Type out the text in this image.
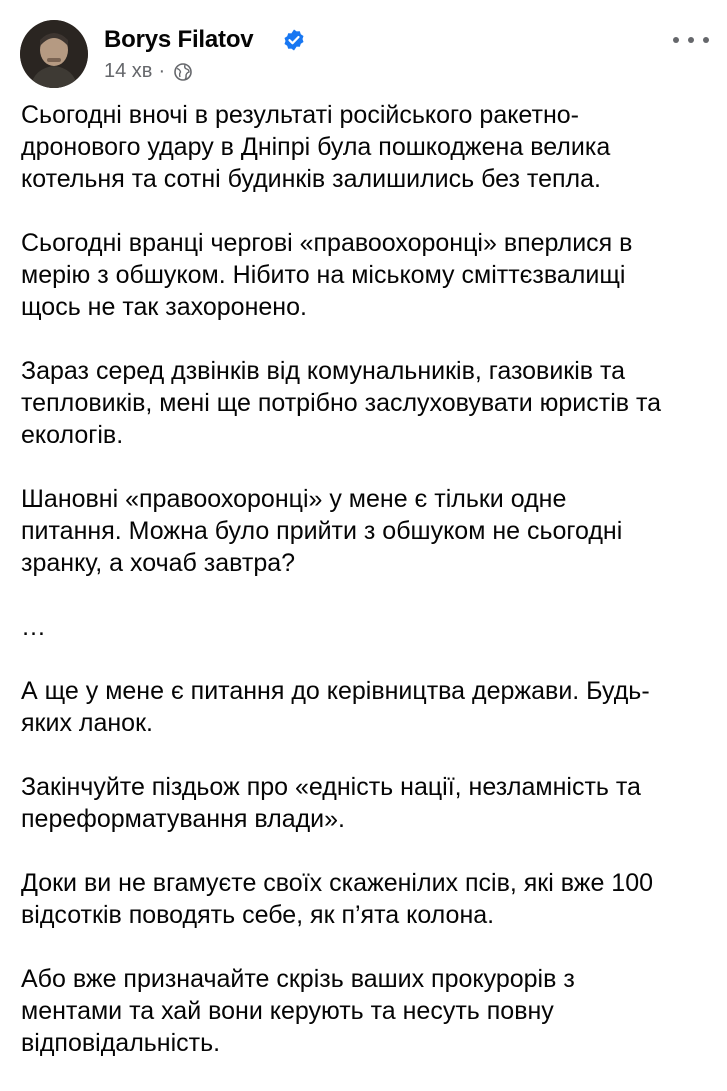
Borys Filatov
14 хв ·

Сьогодні вночі в результаті російського ракетно-
дронового удару в Дніпрі була пошкоджена велика
котельня та сотні будинків залишились без тепла.

Сьогодні вранці чергові «правоохоронці» вперлися в
мерію з обшуком. Нібито на міському сміттєзвалищі
щось не так захоронено.

Зараз серед дзвінків від комунальників, газовиків та
тепловиків, мені ще потрібно заслуховувати юристів та
екологів.

Шановні «правоохоронці» у мене є тільки одне
питання. Можна було прийти з обшуком не сьогодні
зранку, а хочаб завтра?

…

А ще у мене є питання до керівництва держави. Будь-
яких ланок.

Закінчуйте піздьож про «едність нації, незламність та
переформатування влади».

Доки ви не вгамуєте своїх скаженілих псів, які вже 100
відсотків поводять себе, як п’ята колона.

Або вже призначайте скрізь ваших прокурорів з
ментами та хай вони керують та несуть повну
відповідальність.
